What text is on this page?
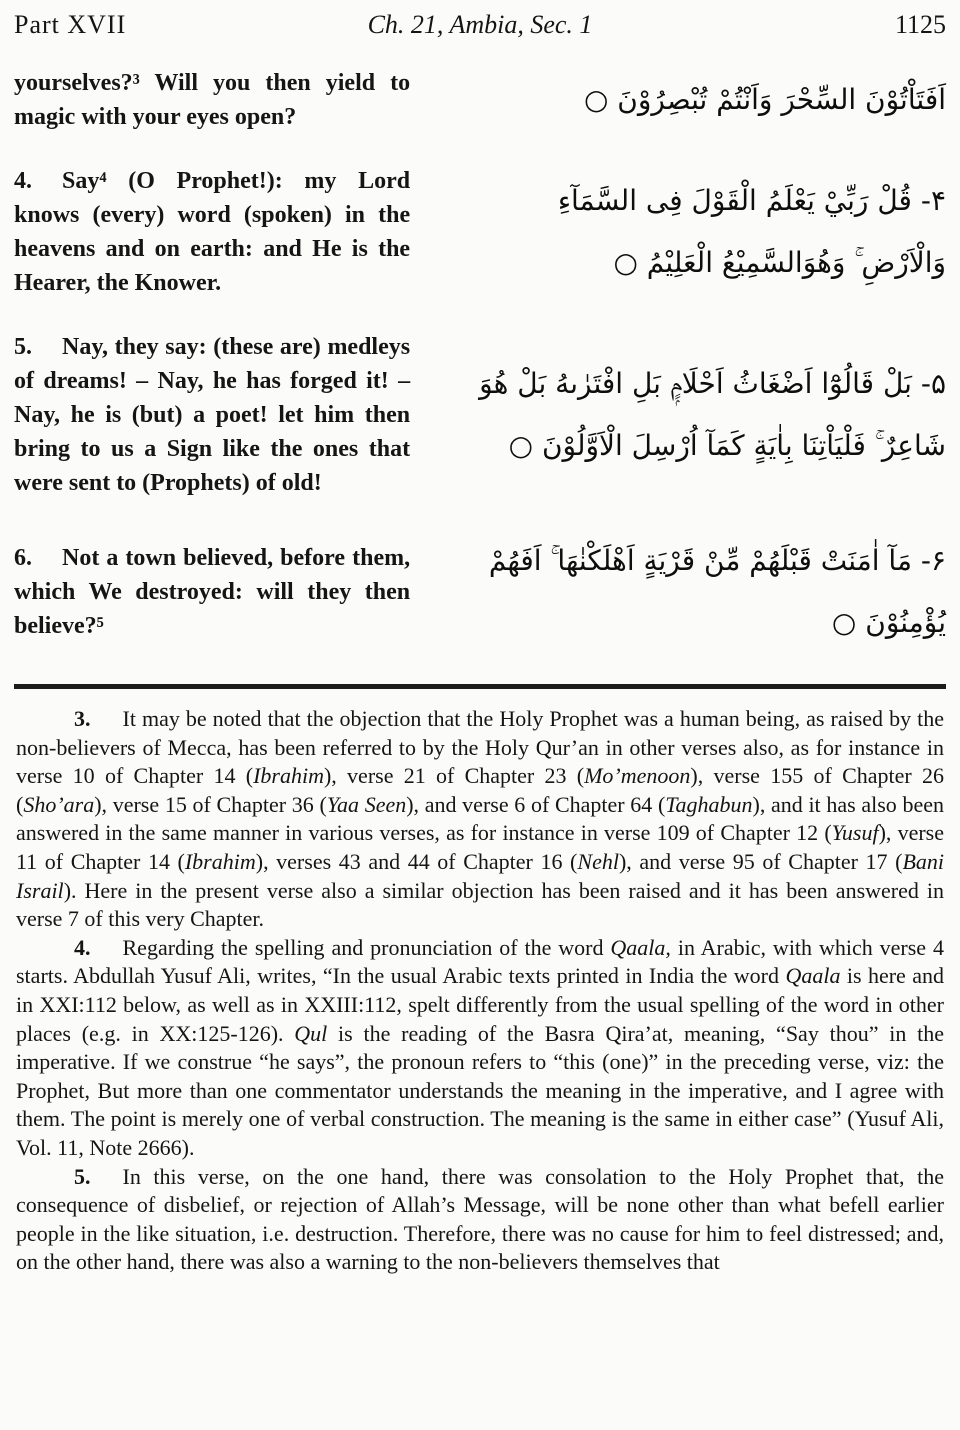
Part XVII	Ch. 21, Ambia, Sec. 1	1125

yourselves?³ Will you then yield to magic with your eyes open?

اَفَتَاْتُوْنَ السِّحْرَ وَاَنْتُمْ تُبْصِرُوْنَ ○

4. Say⁴ (O Prophet!): my Lord knows (every) word (spoken) in the heavens and on earth: and He is the Hearer, the Knower.

۴- قُلْ رَبِّيْ يَعْلَمُ الْقَوْلَ فِى السَّمَآءِ وَالْاَرْضِ ۚ وَهُوَالسَّمِيْعُ الْعَلِيْمُ ○

5. Nay, they say: (these are) medleys of dreams! – Nay, he has forged it! – Nay, he is (but) a poet! let him then bring to us a Sign like the ones that were sent to (Prophets) of old!

۵- بَلْ قَالُوْٓا اَضْغَاثُ اَحْلَامٍۭ بَلِ افْتَرٰىهُ بَلْ هُوَ شَاعِرٌ ۚ فَلْيَاْتِنَا بِاٰيَةٍ كَمَآ اُرْسِلَ الْاَوَّلُوْنَ ○

6. Not a town believed, before them, which We destroyed: will they then believe?⁵

۶- مَآ اٰمَنَتْ قَبْلَهُمْ مِّنْ قَرْيَةٍ اَهْلَكْنٰهَا ۚ اَفَهُمْ يُؤْمِنُوْنَ ○

3. It may be noted that the objection that the Holy Prophet was a human being, as raised by the non-believers of Mecca, has been referred to by the Holy Qur’an in other verses also, as for instance in verse 10 of Chapter 14 (Ibrahim), verse 21 of Chapter 23 (Mo’menoon), verse 155 of Chapter 26 (Sho’ara), verse 15 of Chapter 36 (Yaa Seen), and verse 6 of Chapter 64 (Taghabun), and it has also been answered in the same manner in various verses, as for instance in verse 109 of Chapter 12 (Yusuf), verse 11 of Chapter 14 (Ibrahim), verses 43 and 44 of Chapter 16 (Nehl), and verse 95 of Chapter 17 (Bani Israil). Here in the present verse also a similar objection has been raised and it has been answered in verse 7 of this very Chapter.

4. Regarding the spelling and pronunciation of the word Qaala, in Arabic, with which verse 4 starts. Abdullah Yusuf Ali, writes, “In the usual Arabic texts printed in India the word Qaala is here and in XXI:112 below, as well as in XXIII:112, spelt differently from the usual spelling of the word in other places (e.g. in XX:125-126). Qul is the reading of the Basra Qira’at, meaning, “Say thou” in the imperative. If we construe “he says”, the pronoun refers to “this (one)” in the preceding verse, viz: the Prophet, But more than one commentator understands the meaning in the imperative, and I agree with them. The point is merely one of verbal construction. The meaning is the same in either case” (Yusuf Ali, Vol. 11, Note 2666).

5. In this verse, on the one hand, there was consolation to the Holy Prophet that, the consequence of disbelief, or rejection of Allah’s Message, will be none other than what befell earlier people in the like situation, i.e. destruction. Therefore, there was no cause for him to feel distressed; and, on the other hand, there was also a warning to the non-believers themselves that
